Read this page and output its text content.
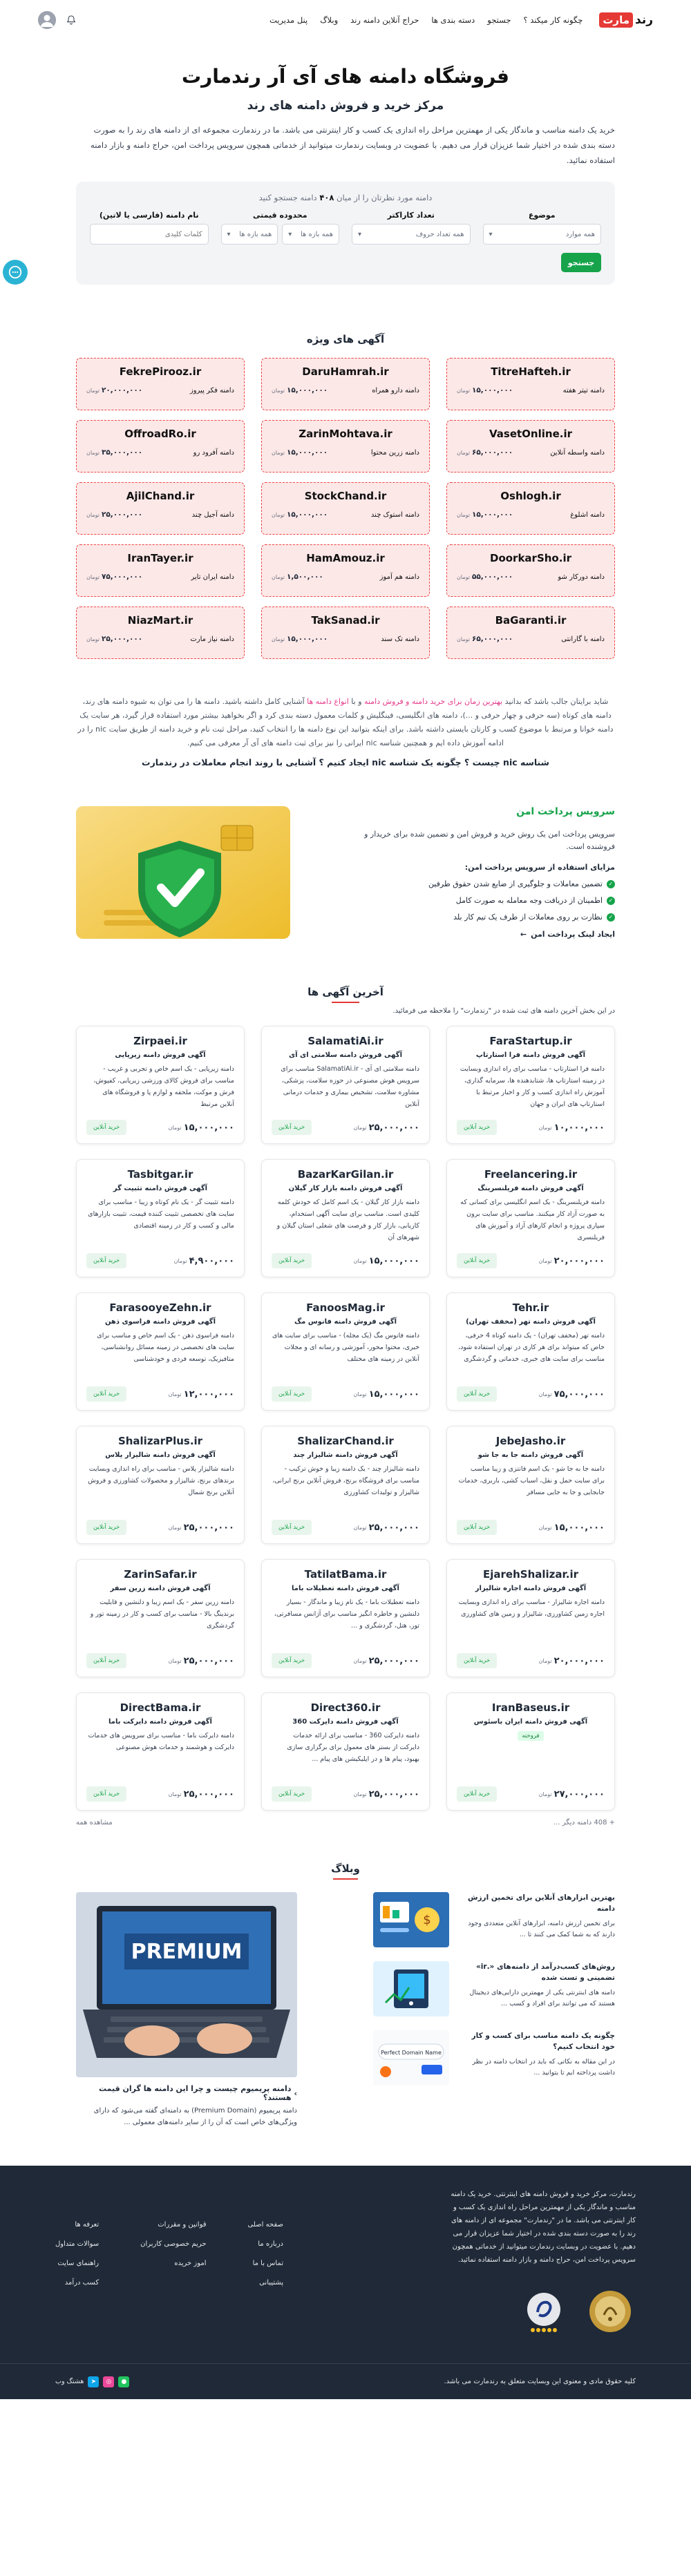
رند
مارت
چگونه کار میکند ؟
جستجو
دسته بندی ها
حراج آنلاین دامنه رند
وبلاگ
پنل مدیریت
فروشگاه دامنه های آی آر رندمارت
مرکز خرید و فروش دامنه های رند

خرید یک دامنه مناسب و ماندگار یکی از مهمترین مراحل راه اندازی یک کسب و کار اینترنتی می باشد. ما در رندمارت مجموعه ای از دامنه های رند را به صورت دسته بندی شده در اختیار شما عزیزان قرار می دهیم. با عضویت در وبسایت رندمارت میتوانید از خدماتی همچون سرویس پرداخت امن، حراج دامنه و بازار دامنه استفاده نمائید.

دامنه مورد نظرتان را از میان ۴۰۸ دامنه جستجو کنید
موضوع
همه موارد
▾
تعداد کاراکتر
همه تعداد حروف
▾
محدوده قیمتی
همه بازه ها
▾
همه بازه ها
▾
نام دامنه (فارسی یا لاتین)
کلمات کلیدی
جستجو
آگهی های ویژه
TitreHafteh.ir
دامنه تیتر هفته
۱۵,۰۰۰,۰۰۰
تومان
DaruHamrah.ir
دامنه دارو همراه
۱۵,۰۰۰,۰۰۰
تومان
FekrePirooz.ir
دامنه فکر پیروز
۲۰,۰۰۰,۰۰۰
تومان
VasetOnline.ir
دامنه واسطه آنلاین
۶۵,۰۰۰,۰۰۰
تومان
ZarinMohtava.ir
دامنه زرین محتوا
۱۵,۰۰۰,۰۰۰
تومان
OffroadRo.ir
دامنه آفرود رو
۳۵,۰۰۰,۰۰۰
تومان
Oshlogh.ir
دامنه اشلوغ
۱۵,۰۰۰,۰۰۰
تومان
StockChand.ir
دامنه استوک چند
۱۵,۰۰۰,۰۰۰
تومان
AjilChand.ir
دامنه آجیل چند
۲۵,۰۰۰,۰۰۰
تومان
DoorkarSho.ir
دامنه دورکار شو
۵۵,۰۰۰,۰۰۰
تومان
HamAmouz.ir
دامنه هم آموز
۱,۵۰۰,۰۰۰
تومان
IranTayer.ir
دامنه ایران تایر
۷۵,۰۰۰,۰۰۰
تومان
BaGaranti.ir
دامنه با گارانتی
۶۵,۰۰۰,۰۰۰
تومان
TakSanad.ir
دامنه تک سند
۱۵,۰۰۰,۰۰۰
تومان
NiazMart.ir
دامنه نیاز مارت
۲۵,۰۰۰,۰۰۰
تومان

شاید برایتان جالب باشد که بدانید بهترین زمان برای خرید دامنه و فروش دامنه و با انواع دامنه ها آشنایی کامل داشته باشید. دامنه ها را می توان به شیوه دامنه های رند، دامنه های کوتاه (سه حرفی و چهار حرفی و ...)، دامنه های انگلیسی، فینگلیش و کلمات معمول دسته بندی کرد و اگر بخواهید بیشتر مورد استفاده قرار گیرد، هر سایت یک دامنه خوانا و مرتبط با موضوع کسب و کارتان بایستی داشته باشد. برای اینکه بتوانید این نوع دامنه ها را انتخاب کنید، مراحل ثبت نام و خرید دامنه از طریق سایت nic را در ادامه آموزش داده ایم و همچنین شناسه nic ایرانی را نیز برای ثبت دامنه های آی آر معرفی می کنیم.

شناسه nic چیست ؟ چگونه یک شناسه nic ایجاد کنیم ؟ آشنایی با روند انجام معاملات در رندمارت
سرویس پرداخت امن
سرویس پرداخت امن یک روش خرید و فروش امن و تضمین شده برای خریدار و فروشنده است.
مزایای استفاده از سرویس پرداخت امن:
✓
تضمین معاملات و جلوگیری از ضایع شدن حقوق طرفین
✓
اطمینان از دریافت وجه معامله به صورت کامل
✓
نظارت بر روی معاملات از طرف یک تیم کار بلد
ایجاد لینک پرداخت امن
←
آخرین آگهی ها

در این بخش آخرین دامنه های ثبت شده در "رندمارت" را ملاحظه می فرمائید.

FaraStartup.ir
آگهی فروش دامنه فرا استارتاپ
دامنه فرا استارتاپ - مناسب برای راه اندازی وبسایت در زمینه استارتاپ ها، شتابدهنده ها، سرمایه گذاری، آموزش راه اندازی کسب و کار و اخبار مرتبط با استارتاپ های ایران و جهان
۱۰,۰۰۰,۰۰۰
تومان
خرید آنلاین
SalamatiAi.ir
آگهی فروش دامنه سلامتی ای آی
دامنه سلامتی ای آی - SalamatiAi.ir مناسب برای سرویس هوش مصنوعی در حوزه سلامت، پزشکی، مشاوره سلامت، تشخیص بیماری و خدمات درمانی آنلاین
۲۵,۰۰۰,۰۰۰
تومان
خرید آنلاین
Zirpaei.ir
آگهی فروش دامنه زیرپایی
دامنه زیرپایی - یک اسم خاص و تجربی و غریب - مناسب برای فروش کالای ورزشی زیرپایی، کفپوش، فرش و موکت، ملحفه و لوازم پا و فروشگاه های آنلاین مرتبط
۱۵,۰۰۰,۰۰۰
تومان
خرید آنلاین
Freelancering.ir
آگهی فروش دامنه فریلنسرینگ
دامنه فریلنسرینگ - یک اسم انگلیسی برای کسانی که به صورت آزاد کار میکنند. مناسب برای سایت برون سپاری پروژه و انجام کارهای آزاد و آموزش های فریلنسری
۲۰,۰۰۰,۰۰۰
تومان
خرید آنلاین
BazarKarGilan.ir
آگهی فروش دامنه بازار کار گیلان
دامنه بازار کار گیلان - یک اسم کامل که خودش کلمه کلیدی است. مناسب برای سایت آگهی استخدام، کاریابی، بازار کار و فرصت های شغلی استان گیلان و شهرهای آن
۱۵,۰۰۰,۰۰۰
تومان
خرید آنلاین
Tasbitgar.ir
آگهی فروش دامنه تثبیت گر
دامنه تثبیت گر - یک نام کوتاه و زیبا - مناسب برای سایت های تخصصی تثبیت کننده قیمت، تثبیت بازارهای مالی و کسب و کار در زمینه اقتصادی
۴,۹۰۰,۰۰۰
تومان
خرید آنلاین
Tehr.ir
آگهی فروش دامنه تهر (مخفف تهران)
دامنه تهر (مخفف تهران) - یک دامنه کوتاه 4 حرفی، خاص که میتواند برای هر کاری در تهران استفاده شود، مناسب برای سایت های خبری، خدماتی و گردشگری
۷۵,۰۰۰,۰۰۰
تومان
خرید آنلاین
FanoosMag.ir
آگهی فروش دامنه فانوس مگ
دامنه فانوس مگ (یک مجله) - مناسب برای سایت های خبری، محتوا محور، آموزشی و رسانه ای و مجلات آنلاین در زمینه های مختلف
۱۵,۰۰۰,۰۰۰
تومان
خرید آنلاین
FarasooyeZehn.ir
آگهی فروش دامنه فراسوی ذهن
دامنه فراسوی ذهن - یک اسم خاص و مناسب برای سایت های تخصصی در زمینه مسائل روانشناسی، متافیزیک، توسعه فردی و خودشناسی
۱۲,۰۰۰,۰۰۰
تومان
خرید آنلاین
JebeJasho.ir
آگهی فروش دامنه جا به جا شو
دامنه جا به جا شو - یک اسم فانتزی و زیبا مناسب برای سایت حمل و نقل، اسباب کشی، باربری، خدمات جابجایی و جا به جایی مسافر
۱۵,۰۰۰,۰۰۰
تومان
خرید آنلاین
ShalizarChand.ir
آگهی فروش دامنه شالیزار چند
دامنه شالیزار چند - یک دامنه زیبا و خوش ترکیب - مناسب برای فروشگاه برنج، فروش آنلاین برنج ایرانی، شالیزار و تولیدات کشاورزی
۲۵,۰۰۰,۰۰۰
تومان
خرید آنلاین
ShalizarPlus.ir
آگهی فروش دامنه شالیزار پلاس
دامنه شالیزار پلاس - مناسب برای راه اندازی وبسایت برندهای برنج، شالیزار و محصولات کشاورزی و فروش آنلاین برنج شمال
۲۵,۰۰۰,۰۰۰
تومان
خرید آنلاین
EjarehShalizar.ir
آگهی فروش دامنه اجاره شالیزار
دامنه اجاره شالیزار - مناسب برای راه اندازی وبسایت اجاره زمین کشاورزی، شالیزار و زمین های کشاورزی
۲۰,۰۰۰,۰۰۰
تومان
خرید آنلاین
TatilatBama.ir
آگهی فروش دامنه تعطیلات باما
دامنه تعطیلات باما - یک نام زیبا و ماندگار - بسیار دلنشین و خاطره انگیز مناسب برای آژانس مسافرتی، تور، هتل، گردشگری و ...
۲۵,۰۰۰,۰۰۰
تومان
خرید آنلاین
ZarinSafar.ir
آگهی فروش دامنه زرین سفر
دامنه زرین سفر - یک اسم زیبا و دلنشین و قابلیت برندینگ بالا - مناسب برای کسب و کار در زمینه تور و گردشگری
۲۵,۰۰۰,۰۰۰
تومان
خرید آنلاین
IranBaseus.ir
آگهی فروش دامنه ایران باسئوس
فروخته
۲۷,۰۰۰,۰۰۰
تومان
خرید آنلاین
Direct360.ir
آگهی فروش دامنه دایرکت 360
دامنه دایرکت 360 - مناسب برای ارائه خدمات دایرکت از بستر های معمول برای برگزاری سازی بهبود، پیام ها و در اپلیکیشن های پیام ...
۲۵,۰۰۰,۰۰۰
تومان
خرید آنلاین
DirectBama.ir
آگهی فروش دامنه دایرکت باما
دامنه دایرکت باما - مناسب برای سرویس های خدمات دایرکت و هوشمند و خدمات هوش مصنوعی
۲۵,۰۰۰,۰۰۰
تومان
خرید آنلاین
+ 408 دامنه دیگر ...
مشاهده همه
وبلاگ
بهترین ابزارهای آنلاین برای تخمین ارزش دامنه

برای تخمین ارزش دامنه، ابزارهای آنلاین متعددی وجود دارند که به شما کمک می کنند تا ...

$
روش‌های کسب‌درآمد از دامنه‌های «.ir» تضمینی و تست شده

دامنه های اینترنتی یکی از مهمترین دارایی‌های دیجیتال هستند که می توانند برای افراد و کسب ...

چگونه یک دامنه مناسب برای کسب و کار خود انتخاب کنیم؟

در این مقاله به نکاتی که باید در انتخاب دامنه در نظر داشت پرداخته ایم تا بتوانید ...

Perfect Domain Name
PREMIUM
›
دامنه پریمیوم چیست و چرا این دامنه ها گران قیمت هستند؟

دامنه پریمیوم (Premium Domain) به دامنه‌ای گفته می‌شود که دارای ویژگی‌های خاص است که آن را از سایر دامنه‌های معمولی ...

رندمارت، مرکز خرید و فروش دامنه های اینترنتی. خرید یک دامنه مناسب و ماندگار یکی از مهمترین مراحل راه اندازی یک کسب و کار اینترنتی می باشد. ما در "رندمارت" مجموعه ای از دامنه های رند را به صورت دسته بندی شده در اختیار شما عزیزان قرار می دهیم. با عضویت در وبسایت رندمارت میتوانید از خدماتی همچون سرویس پرداخت امن، حراج دامنه و بازار دامنه استفاده نمائید.
صفحه اصلی
درباره ما
تماس با ما
پشتیبانی
قوانین و مقررات
حریم خصوصی کاربران
اموز خریده
تعرفه ها
سوالات متداول
راهنمای سایت
کسب درآمد
کلیه حقوق مادی و معنوی این وبسایت متعلق به رندمارت می باشد.
●
◎
➤
هشتگ وب
